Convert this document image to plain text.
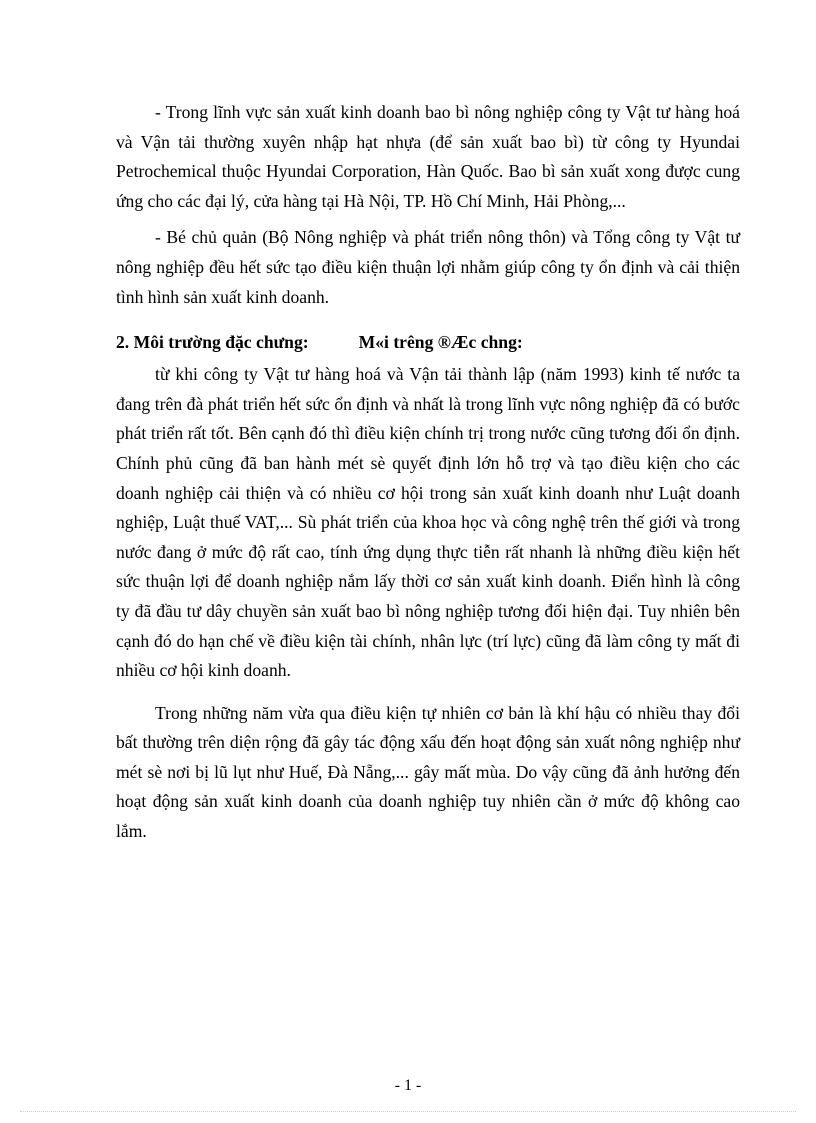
- Trong lĩnh vực sản xuất kinh doanh bao bì nông nghiệp công ty Vật tư hàng hoá và Vận tải thường xuyên nhập hạt nhựa (để sản xuất bao bì) từ công ty Hyundai Petrochemical thuộc Hyundai Corporation, Hàn Quốc. Bao bì sản xuất xong được cung ứng cho các đại lý, cửa hàng tại Hà Nội, TP. Hồ Chí Minh, Hải Phòng,...

- Bé chủ quản (Bộ Nông nghiệp và phát triển nông thôn) và Tổng công ty Vật tư nông nghiệp đều hết sức tạo điều kiện thuận lợi nhằm giúp công ty ổn định và cải thiện tình hình sản xuất kinh doanh.

2. Môi trường đặc chưng:	M«i trêng ®Æc chng:

từ khi công ty Vật tư hàng hoá và Vận tải thành lập (năm 1993) kinh tế nước ta đang trên đà phát triển hết sức ổn định và nhất là trong lĩnh vực nông nghiệp đã có bước phát triển rất tốt. Bên cạnh đó thì điều kiện chính trị trong nước cũng tương đối ổn định. Chính phủ cũng đã ban hành mét sè quyết định lớn hỗ trợ và tạo điều kiện cho các doanh nghiệp cải thiện và có nhiều cơ hội trong sản xuất kinh doanh như Luật doanh nghiệp, Luật thuế VAT,... Sù phát triển của khoa học và công nghệ trên thế giới và trong nước đang ở mức độ rất cao, tính ứng dụng thực tiễn rất nhanh là những điều kiện hết sức thuận lợi để doanh nghiệp nắm lấy thời cơ sản xuất kinh doanh. Điển hình là công ty đã đầu tư dây chuyền sản xuất bao bì nông nghiệp tương đối hiện đại. Tuy nhiên bên cạnh đó do hạn chế về điều kiện tài chính, nhân lực (trí lực) cũng đã làm công ty mất đi nhiều cơ hội kinh doanh.

Trong những năm vừa qua điều kiện tự nhiên cơ bản là khí hậu có nhiều thay đổi bất thường trên diện rộng đã gây tác động xấu đến hoạt động sản xuất nông nghiệp như mét sè nơi bị lũ lụt như Huế, Đà Nẵng,... gây mất mùa. Do vậy cũng đã ảnh hưởng đến hoạt động sản xuất kinh doanh của doanh nghiệp tuy nhiên cần ở mức độ không cao lắm.

- 1 -
